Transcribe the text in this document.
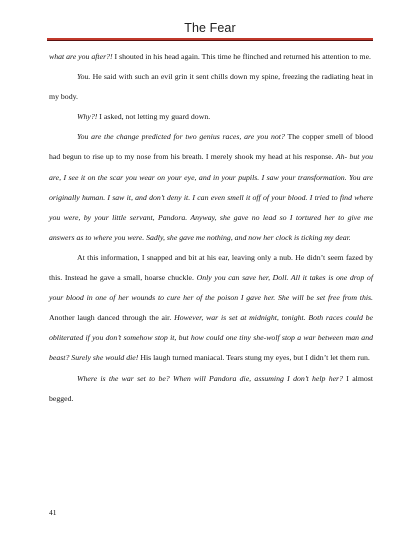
The Fear

what are you after?! I shouted in his head again. This time he flinched and returned his attention to me.

You. He said with such an evil grin it sent chills down my spine, freezing the radiating heat in my body.

Why?! I asked, not letting my guard down.

You are the change predicted for two genius races, are you not? The copper smell of blood had begun to rise up to my nose from his breath. I merely shook my head at his response. Ah- but you are, I see it on the scar you wear on your eye, and in your pupils. I saw your transformation. You are originally human. I saw it, and don’t deny it. I can even smell it off of your blood. I tried to find where you were, by your little servant, Pandora. Anyway, she gave no lead so I tortured her to give me answers as to where you were. Sadly, she gave me nothing, and now her clock is ticking my dear.

At this information, I snapped and bit at his ear, leaving only a nub. He didn’t seem fazed by this. Instead he gave a small, hoarse chuckle. Only you can save her, Doll. All it takes is one drop of your blood in one of her wounds to cure her of the poison I gave her. She will be set free from this. Another laugh danced through the air. However, war is set at midnight, tonight. Both races could be obliterated if you don’t somehow stop it, but how could one tiny she-wolf stop a war between man and beast? Surely she would die! His laugh turned maniacal. Tears stung my eyes, but I didn’t let them run.

Where is the war set to be? When will Pandora die, assuming I don’t help her? I almost begged.

41
